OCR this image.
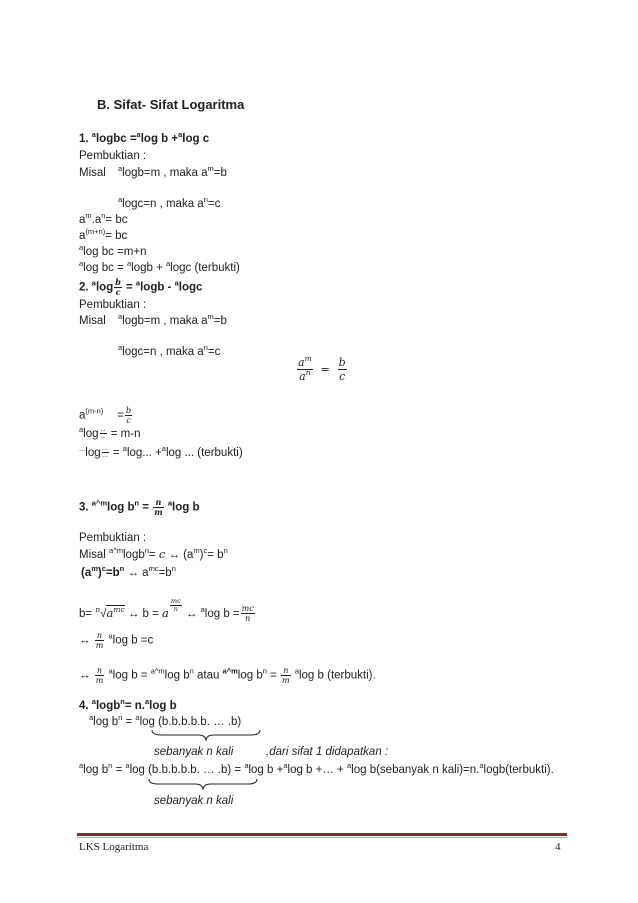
B. Sifat- Sifat Logaritma
1. $^a$logbc =$^a$log b +$^a$log c
Pembuktian :
Misal $^a$logb=m , maka $a^m=b$
$^a$logc=n , maka $a^n=c$
$a^m.a^n=$ bc
$a^{(m+n)}=$ bc
$^a$log bc =m+n
$^a$log bc = $^a$logb + $^a$logc (terbukti)
2. $^a\log \frac{b}{c} = ^a\log b - ^a\log c$
Pembuktian :
Misal $^a$logb=m , maka $a^m=b$
$^a$logc=n , maka $a^n=c$
$\frac{a^m}{a^n} = \frac{b}{c}$
$a^{(m-n)} = \frac{b}{c}$
$^a\log \frac{...}{...} = m-n$
$^{...}\log \frac{...}{...} = ^a\log$... +$^a$log ... (terbukti)
3. $^{a\^{}m}$log $b^n = \frac{n}{m} ^a\log$ b
Pembuktian :
Misal $^{a\^{}m}$logb$^n$= c ↔ $(a^m)^c= b^n$
$(a^m)^c=b^n$ ↔ $a^{mc}=b^n$
$b= ^n√a^{mc}$ ↔ b = a $^{\frac{mc}{n}}$
↔ $^a$log $b = \frac{mc}{n}$
↔ $\frac{n}{m} ^a\log$ b =c
↔ $\frac{n}{m} ^a\log$ b = $^{a\^{}m}$log $b^n$ atau $^{a\^{}m}$log $b^n = \frac{n}{m} ^a\log$ b (terbukti).
4. $^a$logb$^n$= n.$^a$log b
$^a$log $b^n = ^a\log$ (b.b.b.b.b. … .b)
sebanyak n kali	,dari sifat 1 didapatkan :
$^a$log $b^n = ^a\log$ (b.b.b.b.b. … .b) = $^a$log b +$^a$log b +… + $^a$log b(sebanyak n kali)=n.$^a$logb(terbukti).
sebanyak n kali
LKS Logaritma	4
